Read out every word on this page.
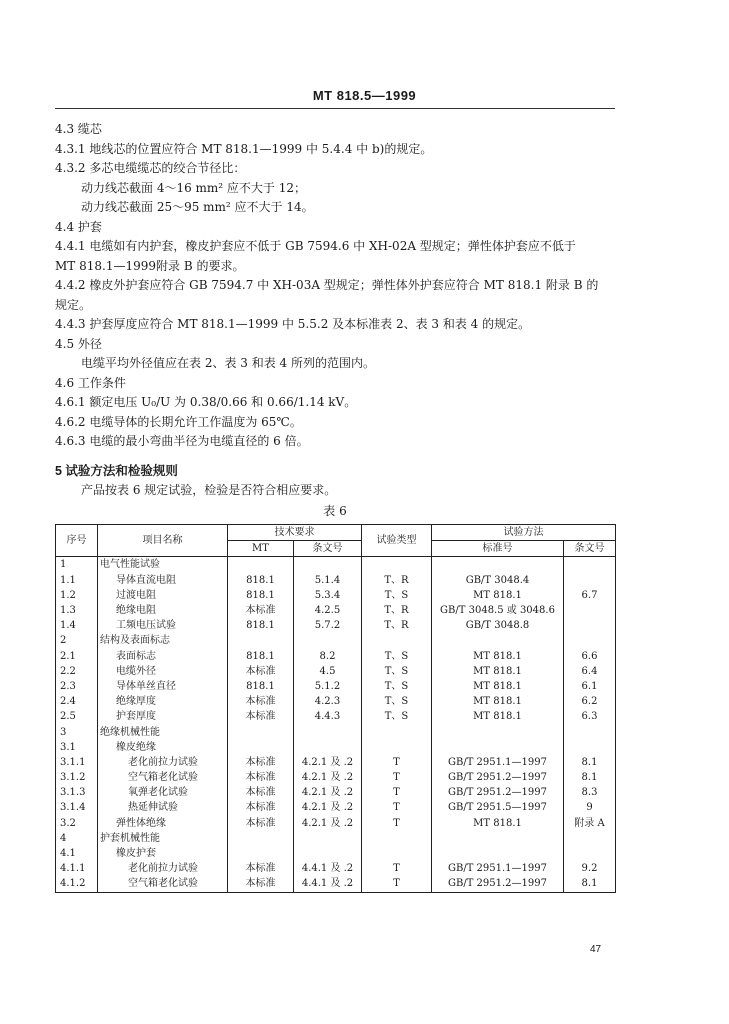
MT 818.5—1999
4.3 缆芯
4.3.1 地线芯的位置应符合 MT 818.1—1999 中 5.4.4 中 b)的规定。
4.3.2 多芯电缆缆芯的绞合节径比：
动力线芯截面 4～16 mm² 应不大于 12；
动力线芯截面 25～95 mm² 应不大于 14。
4.4 护套
4.4.1 电缆如有内护套，橡皮护套应不低于 GB 7594.6 中 XH-02A 型规定；弹性体护套应不低于
MT 818.1—1999附录 B 的要求。
4.4.2 橡皮外护套应符合 GB 7594.7 中 XH-03A 型规定；弹性体外护套应符合 MT 818.1 附录 B 的
规定。
4.4.3 护套厚度应符合 MT 818.1—1999 中 5.5.2 及本标准表 2、表 3 和表 4 的规定。
4.5 外径
电缆平均外径值应在表 2、表 3 和表 4 所列的范围内。
4.6 工作条件
4.6.1 额定电压 U₀/U 为 0.38/0.66 和 0.66/1.14 kV。
4.6.2 电缆导体的长期允许工作温度为 65℃。
4.6.3 电缆的最小弯曲半径为电缆直径的 6 倍。
5 试验方法和检验规则
产品按表 6 规定试验，检验是否符合相应要求。
表 6
序号	项目名称	技术要求		试验类型	试验方法	
		MT	条文号		标准号	条文号
1	电气性能试验					
1.1	导体直流电阻	818.1	5.1.4	T、R	GB/T 3048.4	
1.2	过渡电阻	818.1	5.3.4	T、S	MT 818.1	6.7
1.3	绝缘电阻	本标准	4.2.5	T、R	GB/T 3048.5 或 3048.6	
1.4	工频电压试验	818.1	5.7.2	T、R	GB/T 3048.8	
2	结构及表面标志					
2.1	表面标志	818.1	8.2	T、S	MT 818.1	6.6
2.2	电缆外径	本标准	4.5	T、S	MT 818.1	6.4
2.3	导体单丝直径	818.1	5.1.2	T、S	MT 818.1	6.1
2.4	绝缘厚度	本标准	4.2.3	T、S	MT 818.1	6.2
2.5	护套厚度	本标准	4.4.3	T、S	MT 818.1	6.3
3	绝缘机械性能					
3.1	橡皮绝缘					
3.1.1	老化前拉力试验	本标准	4.2.1 及 .2	T	GB/T 2951.1—1997	8.1
3.1.2	空气箱老化试验	本标准	4.2.1 及 .2	T	GB/T 2951.2—1997	8.1
3.1.3	氧弹老化试验	本标准	4.2.1 及 .2	T	GB/T 2951.2—1997	8.3
3.1.4	热延伸试验	本标准	4.2.1 及 .2	T	GB/T 2951.5—1997	9
3.2	弹性体绝缘	本标准	4.2.1 及 .2	T	MT 818.1	附录 A
4	护套机械性能					
4.1	橡皮护套					
4.1.1	老化前拉力试验	本标准	4.4.1 及 .2	T	GB/T 2951.1—1997	9.2
4.1.2	空气箱老化试验	本标准	4.4.1 及 .2	T	GB/T 2951.2—1997	8.1
47
